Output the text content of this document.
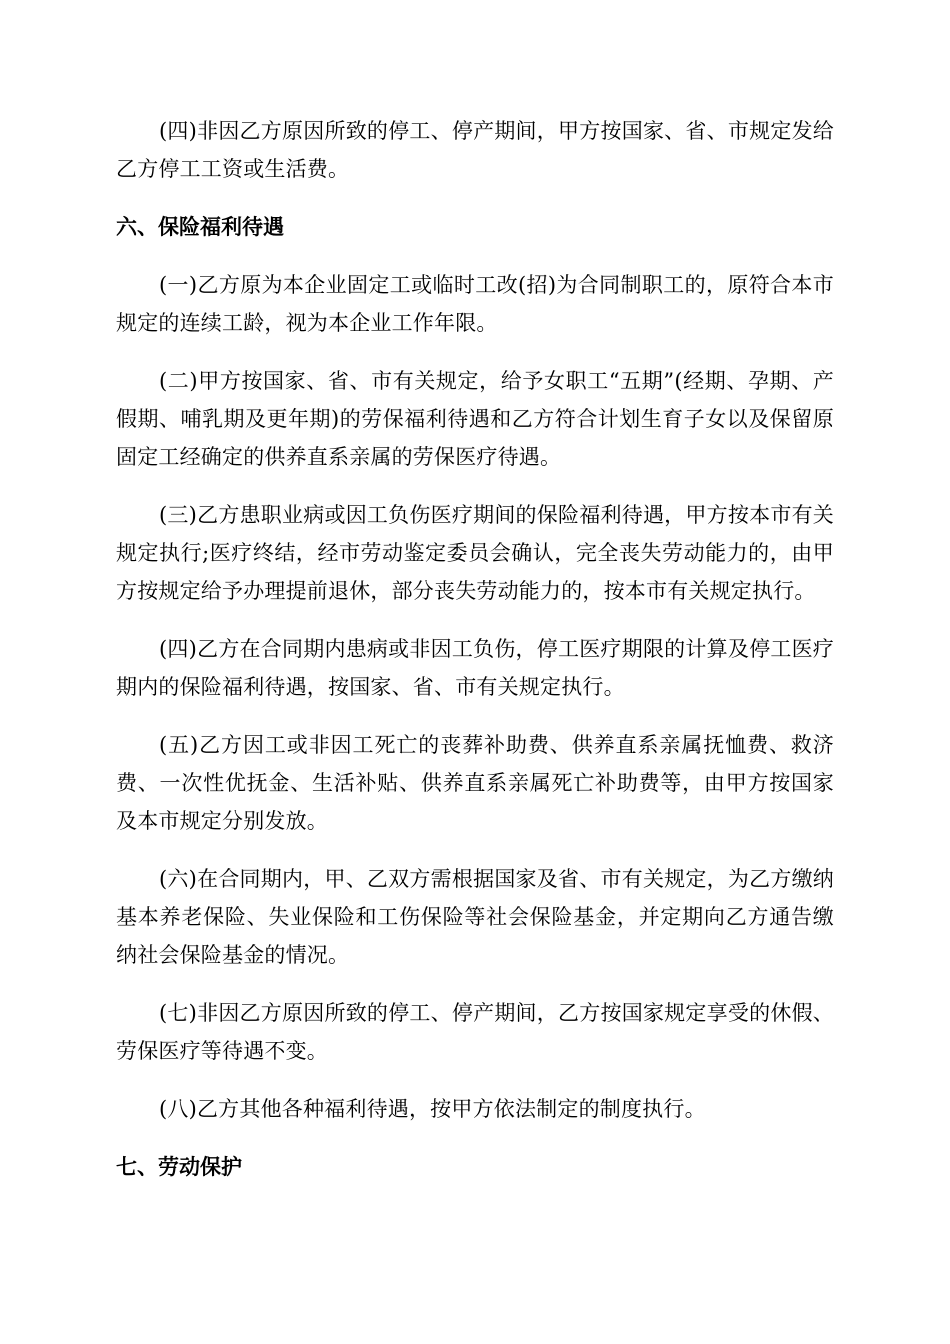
(四)非因乙方原因所致的停工、停产期间，甲方按国家、省、市规定发给乙方停工工资或生活费。

六、保险福利待遇

(一)乙方原为本企业固定工或临时工改(招)为合同制职工的，原符合本市规定的连续工龄，视为本企业工作年限。

(二)甲方按国家、省、市有关规定，给予女职工“五期”(经期、孕期、产假期、哺乳期及更年期)的劳保福利待遇和乙方符合计划生育子女以及保留原固定工经确定的供养直系亲属的劳保医疗待遇。

(三)乙方患职业病或因工负伤医疗期间的保险福利待遇，甲方按本市有关规定执行;医疗终结，经市劳动鉴定委员会确认，完全丧失劳动能力的，由甲方按规定给予办理提前退休，部分丧失劳动能力的，按本市有关规定执行。

(四)乙方在合同期内患病或非因工负伤，停工医疗期限的计算及停工医疗期内的保险福利待遇，按国家、省、市有关规定执行。

(五)乙方因工或非因工死亡的丧葬补助费、供养直系亲属抚恤费、救济费、一次性优抚金、生活补贴、供养直系亲属死亡补助费等，由甲方按国家及本市规定分别发放。

(六)在合同期内，甲、乙双方需根据国家及省、市有关规定，为乙方缴纳基本养老保险、失业保险和工伤保险等社会保险基金，并定期向乙方通告缴纳社会保险基金的情况。

(七)非因乙方原因所致的停工、停产期间，乙方按国家规定享受的休假、劳保医疗等待遇不变。

(八)乙方其他各种福利待遇，按甲方依法制定的制度执行。

七、劳动保护
